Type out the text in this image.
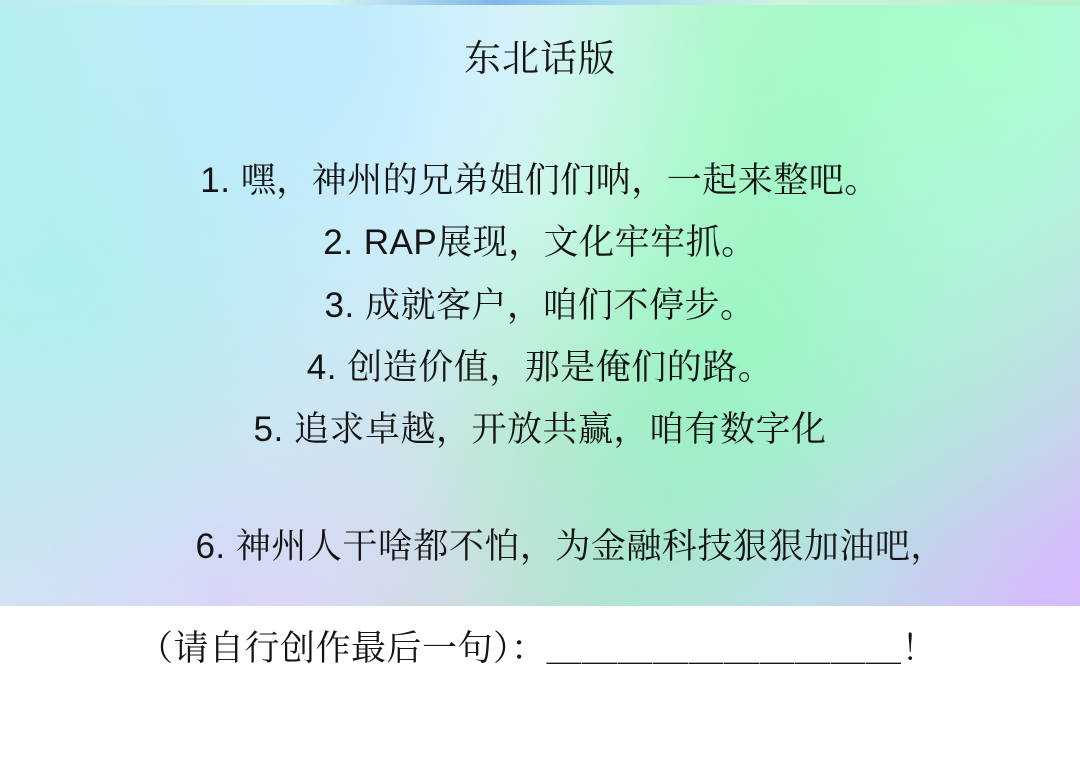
东北话版
1. 嘿，神州的兄弟姐们们呐，一起来整吧。
2. RAP展现，文化牢牢抓。
3. 成就客户，咱们不停步。
4. 创造价值，那是俺们的路。
5. 追求卓越，开放共赢，咱有数字化

6. 神州人干啥都不怕，为金融科技狠狠加油吧，

（请自行创作最后一句）：＿＿＿＿＿＿＿＿＿＿！
